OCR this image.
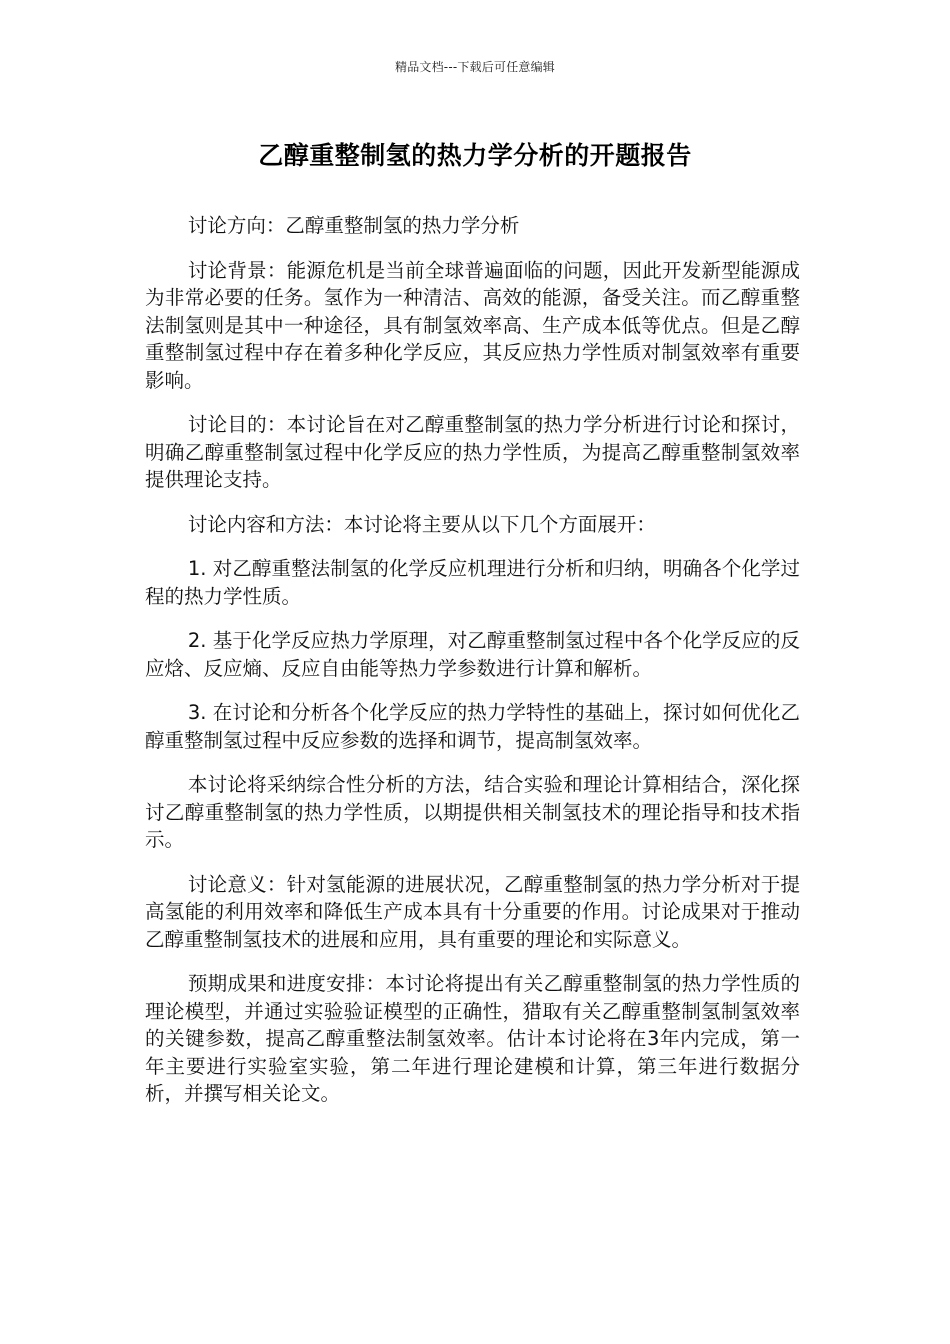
精品文档---下载后可任意编辑
乙醇重整制氢的热力学分析的开题报告

讨论方向：乙醇重整制氢的热力学分析

讨论背景：能源危机是当前全球普遍面临的问题，因此开发新型能源成为非常必要的任务。氢作为一种清洁、高效的能源，备受关注。而乙醇重整法制氢则是其中一种途径，具有制氢效率高、生产成本低等优点。但是乙醇重整制氢过程中存在着多种化学反应，其反应热力学性质对制氢效率有重要影响。

讨论目的：本讨论旨在对乙醇重整制氢的热力学分析进行讨论和探讨，明确乙醇重整制氢过程中化学反应的热力学性质，为提高乙醇重整制氢效率提供理论支持。

讨论内容和方法：本讨论将主要从以下几个方面展开：

1. 对乙醇重整法制氢的化学反应机理进行分析和归纳，明确各个化学过程的热力学性质。

2. 基于化学反应热力学原理，对乙醇重整制氢过程中各个化学反应的反应焓、反应熵、反应自由能等热力学参数进行计算和解析。

3. 在讨论和分析各个化学反应的热力学特性的基础上，探讨如何优化乙醇重整制氢过程中反应参数的选择和调节，提高制氢效率。

本讨论将采纳综合性分析的方法，结合实验和理论计算相结合，深化探讨乙醇重整制氢的热力学性质，以期提供相关制氢技术的理论指导和技术指示。

讨论意义：针对氢能源的进展状况，乙醇重整制氢的热力学分析对于提高氢能的利用效率和降低生产成本具有十分重要的作用。讨论成果对于推动乙醇重整制氢技术的进展和应用，具有重要的理论和实际意义。

预期成果和进度安排：本讨论将提出有关乙醇重整制氢的热力学性质的理论模型，并通过实验验证模型的正确性，猎取有关乙醇重整制氢制氢效率的关键参数，提高乙醇重整法制氢效率。估计本讨论将在3年内完成，第一年主要进行实验室实验，第二年进行理论建模和计算，第三年进行数据分析，并撰写相关论文。
